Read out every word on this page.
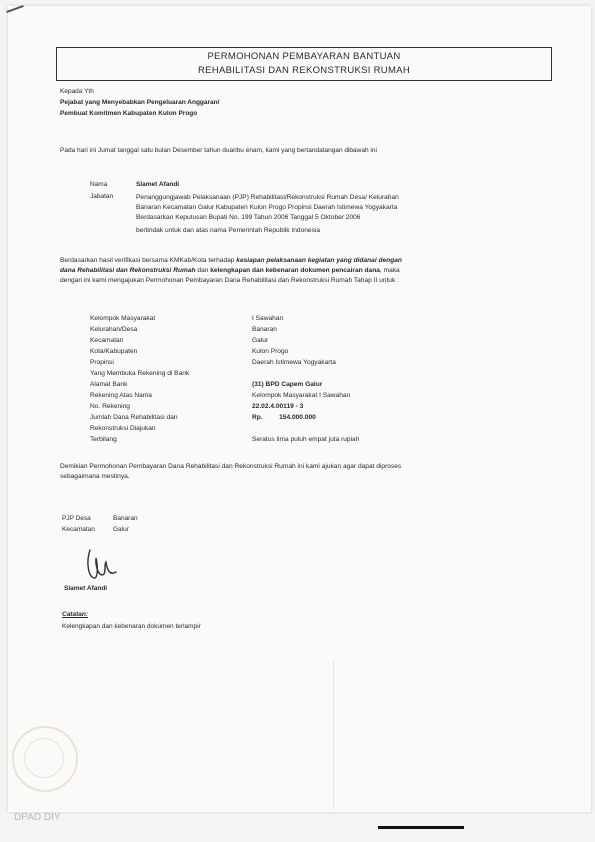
PERMOHONAN PEMBAYARAN BANTUAN
REHABILITASI DAN REKONSTRUKSI RUMAH
Kepada Yth
Pejabat yang Menyebabkan Pengeluaran Anggaran/
Pembuat Komitmen Kabupaten Kulon Progo
Pada hari ini Jumat tanggal satu bulan Desember tahun duaribu enam, kami yang bertandatangan dibawah ini
Nama	Slamet Afandi
Jabatan	Penanggungjawab Pelaksanaan (PJP) Rehabilitasi/Rekonstruksi Rumah Desa/ Kelurahan
Banaran Kecamatan Galur Kabupaten Kulon Progo Propinsi Daerah Istimewa Yogyakarta
Berdasarkan Keputusan Bupati No. 199 Tahun 2006 Tanggal 5 Oktober 2006
bertindak untuk dan atas nama Pemerintah Republik Indonesia
Berdasarkan hasil verifikasi bersama KMKab/Kota terhadap kesiapan pelaksanaan kegiatan yang didanai dengan
dana Rehabilitasi dan Rekonstruksi Rumah dan kelengkapan dan kebenaran dokumen pencairan dana, maka
dengan ini kami mengajukan Permohonan Pembayaran Dana Rehabilitasi dan Rekonstruksi Rumah Tahap II untuk :
Kelompok Masyarakat	I Sawahan
Kelurahan/Desa	Banaran
Kecamatan	Galur
Kota/Kabupaten	Kulon Progo
Propinsi	Daerah Istimewa Yogyakarta
Yang Membuka Rekening di Bank
Alamat Bank	(31) BPD Capem Galur
Rekening Atas Nama	Kelompok Masyarakat I Sawahan
No. Rekening	22.02.4.00119 - 3
Jumlah Dana Rehabilitasi dan	Rp.         154.000.000
Rekonstruksi Diajukan
Terbilang	Seratus lima puluh empat juta rupiah
Demikian Permohonan Pembayaran Dana Rehabilitasi dan Rekonstruksi Rumah ini kami ajukan agar dapat diproses
sebagaimana mestinya.
PJP Desa	Banaran
Kecamatan	Galur
Slamet Afandi
Catatan:
Kelengkapan dan kebenaran dokumen terlampir
DPAD DIY
